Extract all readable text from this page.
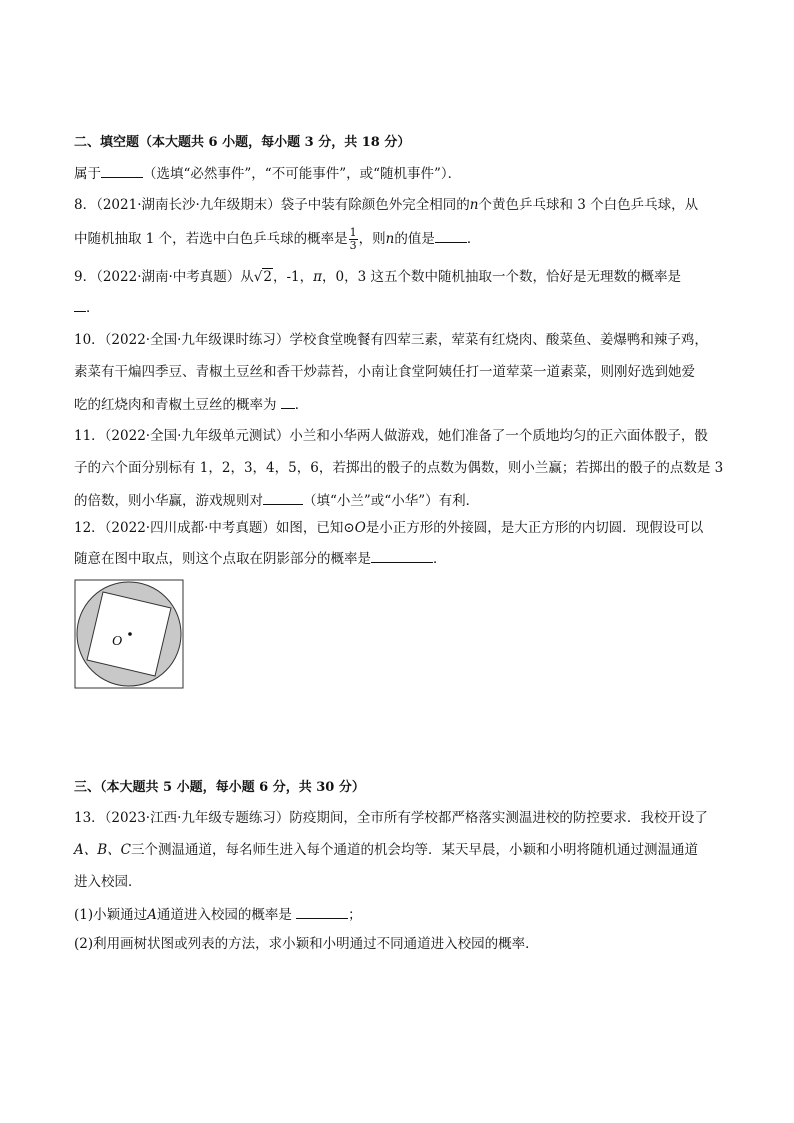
二、填空题（本大题共 6 小题，每小题 3 分，共 18 分）
属于	（选填“必然事件”，“不可能事件”，或“随机事件”）．
8．（2021·湖南长沙·九年级期末）袋子中装有除颜色外完全相同的n个黄色乒乓球和 3 个白色乒乓球，从
中随机抽取 1 个，若选中白色乒乓球的概率是 $\frac{1}{3}$ ，则n的值是 ．
9．（2022·湖南·中考真题）从√2，-1，π，0，3 这五个数中随机抽取一个数，恰好是无理数的概率是
．
10．（2022·全国·九年级课时练习）学校食堂晚餐有四荤三素，荤菜有红烧肉、酸菜鱼、姜爆鸭和辣子鸡，
素菜有干煸四季豆、青椒土豆丝和香干炒蒜苔，小南让食堂阿姨任打一道荤菜一道素菜，则刚好选到她爱
吃的红烧肉和青椒土豆丝的概率为 ．
11．（2022·全国·九年级单元测试）小兰和小华两人做游戏，她们准备了一个质地均匀的正六面体骰子，骰
子的六个面分别标有 1，2，3，4，5，6，若掷出的骰子的点数为偶数，则小兰赢；若掷出的骰子的点数是 3
的倍数，则小华赢，游戏规则对	（填“小兰”或“小华”）有利．
12．（2022·四川成都·中考真题）如图，已知⊙O是小正方形的外接圆，是大正方形的内切圆．现假设可以
随意在图中取点，则这个点取在阴影部分的概率是	．
O
三、（本大题共 5 小题，每小题 6 分，共 30 分）
13．（2023·江西·九年级专题练习）防疫期间，全市所有学校都严格落实测温进校的防控要求．我校开设了
A、B、C三个测温通道，每名师生进入每个通道的机会均等．某天早晨，小颖和小明将随机通过测温通道
进入校园．
(1)小颖通过A通道进入校园的概率是	；
(2)利用画树状图或列表的方法，求小颖和小明通过不同通道进入校园的概率．
